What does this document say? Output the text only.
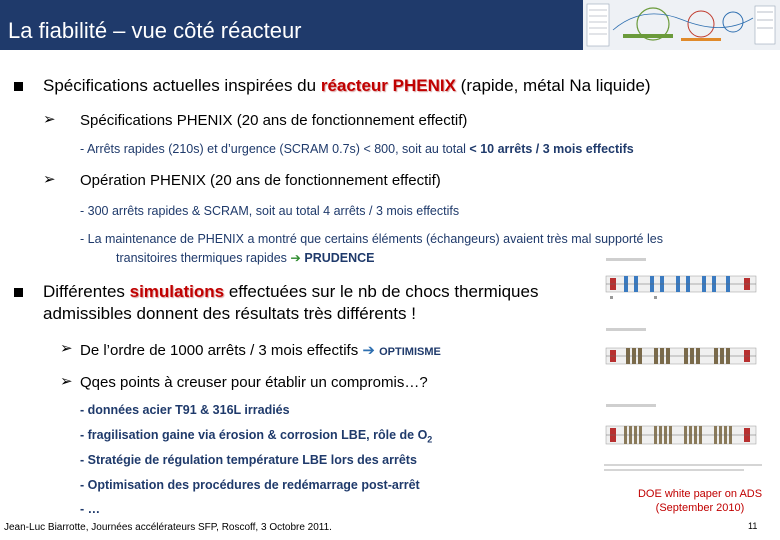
La fiabilité – vue côté réacteur
Spécifications actuelles inspirées du réacteur PHENIX (rapide, métal Na liquide)
➢ Spécifications PHENIX (20 ans de fonctionnement effectif)
- Arrêts rapides (210s) et d’urgence (SCRAM 0.7s) < 800, soit au total < 10 arrêts / 3 mois effectifs
➢ Opération PHENIX (20 ans de fonctionnement effectif)
- 300 arrêts rapides & SCRAM, soit au total 4 arrêts / 3 mois effectifs
- La maintenance de PHENIX a montré que certains éléments (échangeurs) avaient très mal supporté les
transitoires thermiques rapides ➔ PRUDENCE
Différentes simulations effectuées sur le nb de chocs thermiques
admissibles donnent des résultats très différents !
➢ De l’ordre de 1000 arrêts / 3 mois effectifs ➔ OPTIMISME
➢ Qqes points à creuser pour établir un compromis…?
- données acier T91 & 316L irradiés
- fragilisation gaine via érosion & corrosion LBE, rôle de $O_2$
- Stratégie de régulation température LBE lors des arrêts
- Optimisation des procédures de redémarrage post-arrêt
- …
DOE white paper on ADS
(September 2010)
Jean-Luc Biarrotte, Journées accélérateurs SFP, Roscoff, 3 Octobre 2011.	11
